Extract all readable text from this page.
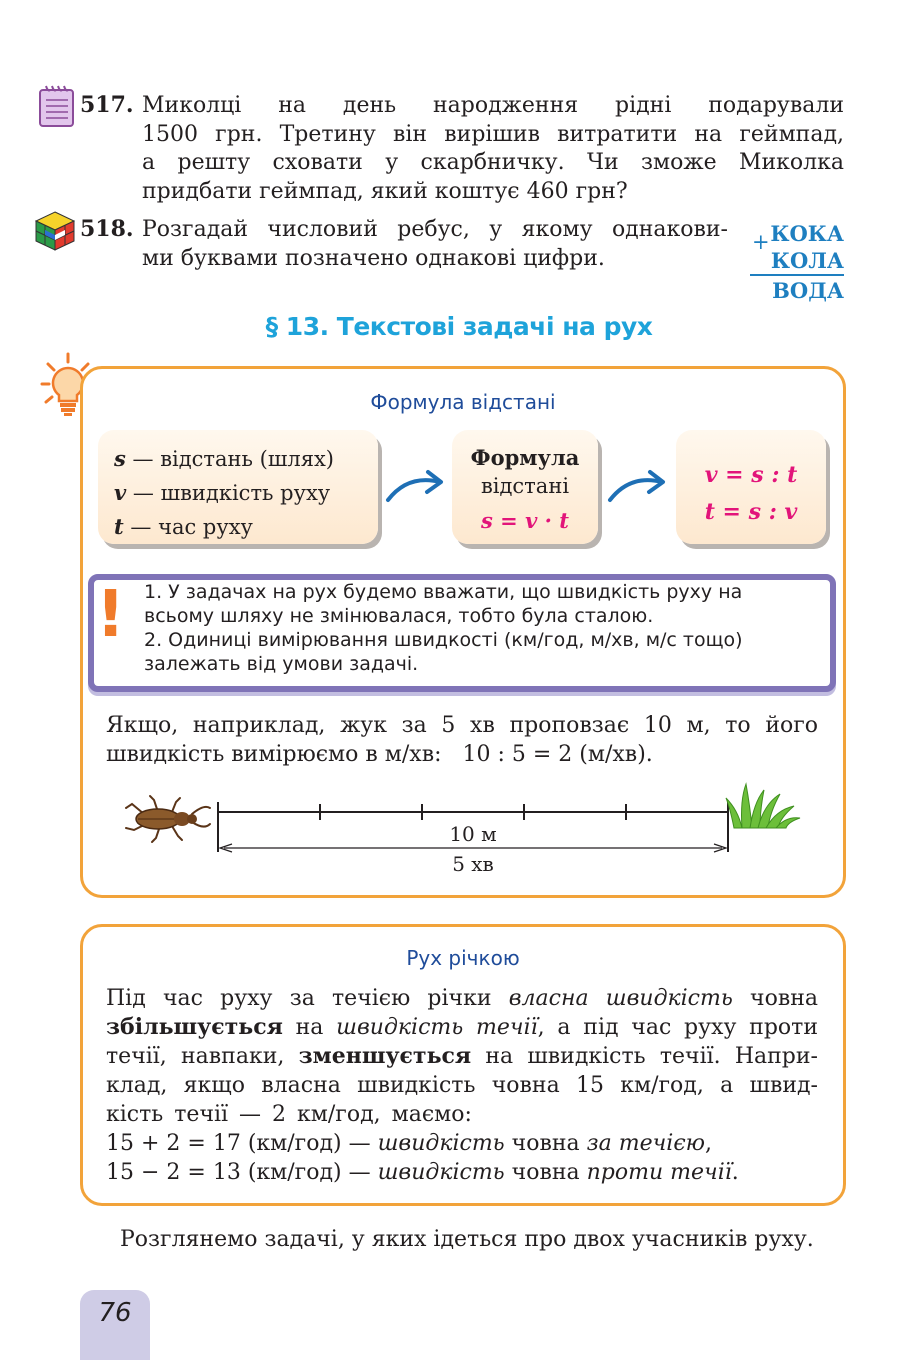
517. Миколці на день народження рідні подарували
1500 грн. Третину він вирішив витратити на геймпад,
а решту сховати у скарбничку. Чи зможе Миколка
придбати геймпад, який коштує 460 грн?
518. Розгадай числовий ребус, у якому однакови-
ми буквами позначено однакові цифри.
+ КОКА
КОЛА
ВОДА
§ 13. Текстові задачі на рух
Формула відстані
s — відстань (шлях)
v — швидкість руху
t — час руху
Формула
відстані
s = v · t
v = s : t
t = s : v
! 1. У задачах на рух будемо вважати, що швидкість руху на
всьому шляху не змінювалася, тобто була сталою.
2. Одиниці вимірювання швидкості (км/год, м/хв, м/с тощо)
залежать від умови задачі.
Якщо, наприклад, жук за 5 хв проповзає 10 м, то його
швидкість вимірюємо в м/хв:   10 : 5 = 2 (м/хв).
10 м
5 хв
Рух річкою
Під час руху за течією річки власна швидкість човна
збільшується на швидкість течії, а під час руху проти
течії, навпаки, зменшується на швидкість течії. Напри-
клад, якщо власна швидкість човна 15 км/год, а швид-
кість течії — 2 км/год, маємо:
15 + 2 = 17 (км/год) — швидкість човна за течією,
15 − 2 = 13 (км/год) — швидкість човна проти течії.
Розглянемо задачі, у яких ідеться про двох учасників руху.
76
